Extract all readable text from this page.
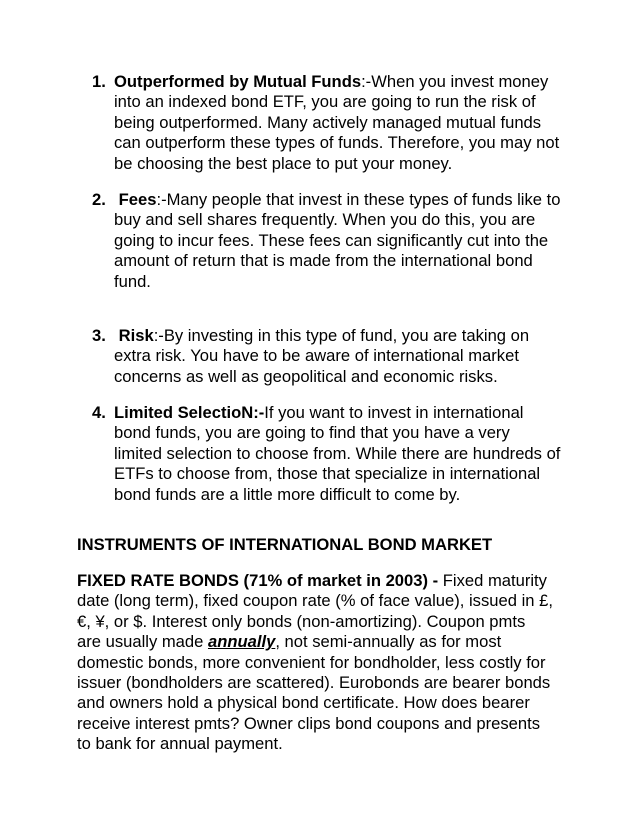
1. Outperformed by Mutual Funds:-When you invest money
into an indexed bond ETF, you are going to run the risk of
being outperformed. Many actively managed mutual funds
can outperform these types of funds. Therefore, you may not
be choosing the best place to put your money.
2. Fees:-Many people that invest in these types of funds like to
buy and sell shares frequently. When you do this, you are
going to incur fees. These fees can significantly cut into the
amount of return that is made from the international bond
fund.
3. Risk:-By investing in this type of fund, you are taking on
extra risk. You have to be aware of international market
concerns as well as geopolitical and economic risks.
4. Limited SelectioN:-If you want to invest in international
bond funds, you are going to find that you have a very
limited selection to choose from. While there are hundreds of
ETFs to choose from, those that specialize in international
bond funds are a little more difficult to come by.
INSTRUMENTS OF INTERNATIONAL BOND MARKET

FIXED RATE BONDS (71% of market in 2003) - Fixed maturity
date (long term), fixed coupon rate (% of face value), issued in £,
€, ¥, or $. Interest only bonds (non-amortizing). Coupon pmts
are usually made annually, not semi-annually as for most
domestic bonds, more convenient for bondholder, less costly for
issuer (bondholders are scattered). Eurobonds are bearer bonds
and owners hold a physical bond certificate. How does bearer
receive interest pmts? Owner clips bond coupons and presents
to bank for annual payment.
